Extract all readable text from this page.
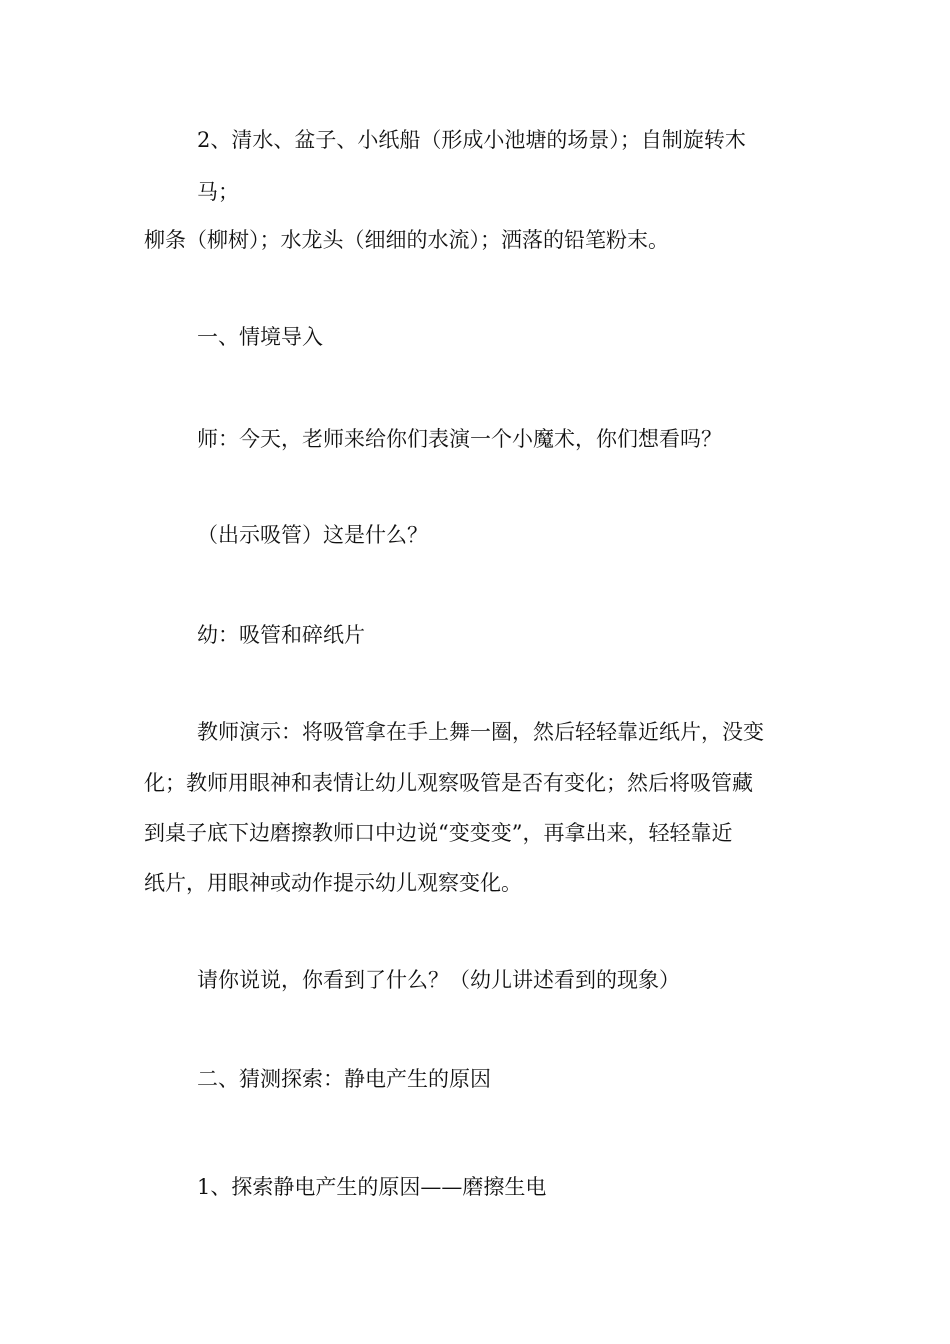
2、清水、盆子、小纸船（形成小池塘的场景）；自制旋转木

马；

柳条（柳树）；水龙头（细细的水流）；洒落的铅笔粉末。

一、情境导入

师：今天，老师来给你们表演一个小魔术，你们想看吗？

（出示吸管）这是什么？

幼：吸管和碎纸片

教师演示：将吸管拿在手上舞一圈，然后轻轻靠近纸片，没变

化；教师用眼神和表情让幼儿观察吸管是否有变化；然后将吸管藏

到桌子底下边磨擦教师口中边说“变变变”，再拿出来，轻轻靠近

纸片，用眼神或动作提示幼儿观察变化。

请你说说，你看到了什么？（幼儿讲述看到的现象）

二、猜测探索：静电产生的原因

1、探索静电产生的原因——磨擦生电
